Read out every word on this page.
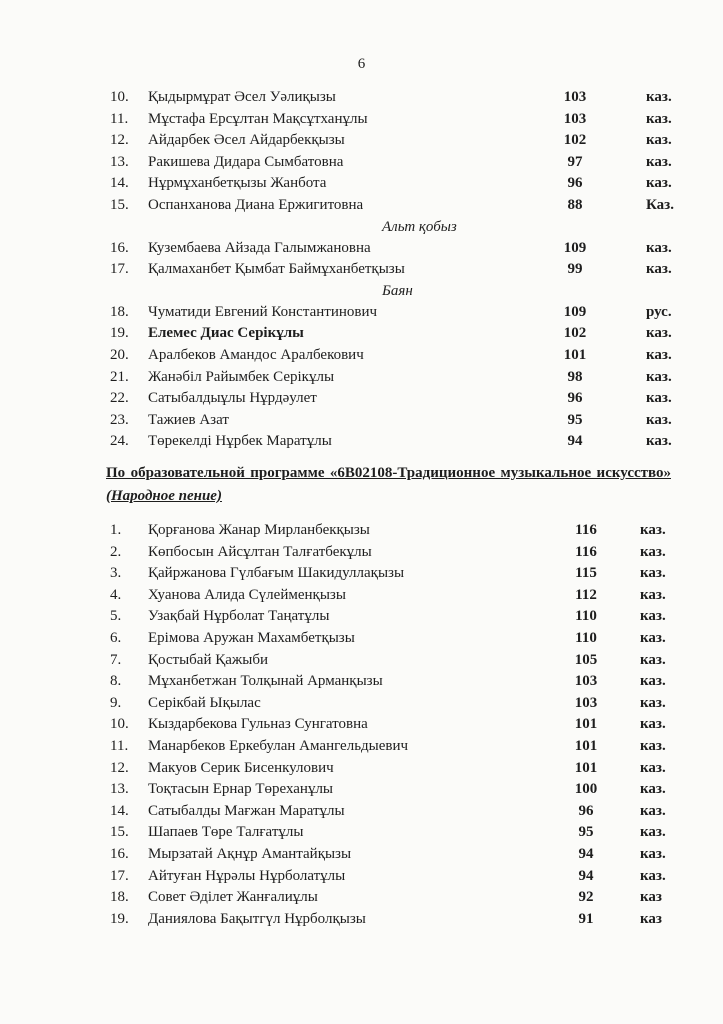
6
10. Қыдырмұрат Әсел Уәлиқызы	103	каз.
11. Мұстафа Ерсұлтан Мақсұтханұлы	103	каз.
12. Айдарбек Әсел Айдарбекқызы	102	каз.
13. Ракишева Дидара Сымбатовна	97	каз.
14. Нұрмұханбетқызы Жанбота	96	каз.
15. Оспанханова Диана Ержигитовна	88	Каз.
Альт қобыз
16. Кузембаева Айзада Галымжановна	109	каз.
17. Қалмаханбет Қымбат Баймұханбетқызы	99	каз.
Баян
18. Чуматиди Евгений Константинович	109	рус.
19. Елемес Диас Серікұлы	102	каз.
20. Аралбеков Амандос Аралбекович	101	каз.
21. Жанәбіл Райымбек Серікұлы	98	каз.
22. Сатыбалдыұлы Нұрдәулет	96	каз.
23. Тажиев Азат	95	каз.
24. Төрекелді Нұрбек Маратұлы	94	каз.
По образовательной программе «6В02108-Традиционное музыкальное искусство» (Народное пение)
1. Қорғанова Жанар Мирланбекқызы	116	каз.
2. Көпбосын Айсұлтан Талғатбекұлы	116	каз.
3. Қайржанова Гүлбағым Шакидуллақызы	115	каз.
4. Хуанова Алида Сүлейменқызы	112	каз.
5. Узақбай Нұрболат Таңатұлы	110	каз.
6. Ерімова Аружан Махамбетқызы	110	каз.
7. Қостыбай Қажыби	105	каз.
8. Мұханбетжан Толқынай Арманқызы	103	каз.
9. Серікбай Ықылас	103	каз.
10. Кыздарбекова Гульназ Сунгатовна	101	каз.
11. Манарбеков Еркебулан Амангельдыевич	101	каз.
12. Макуов Серик Бисенкулович	101	каз.
13. Тоқтасын Ернар Төреханұлы	100	каз.
14. Сатыбалды Мағжан Маратұлы	96	каз.
15. Шапаев Төре Талғатұлы	95	каз.
16. Мырзатай Ақнұр Амантайқызы	94	каз.
17. Айтуған Нұрәлы Нұрболатұлы	94	каз.
18. Совет Әділет Жанғалиұлы	92	каз
19. Даниялова Бақытгүл Нұрболқызы	91	каз
